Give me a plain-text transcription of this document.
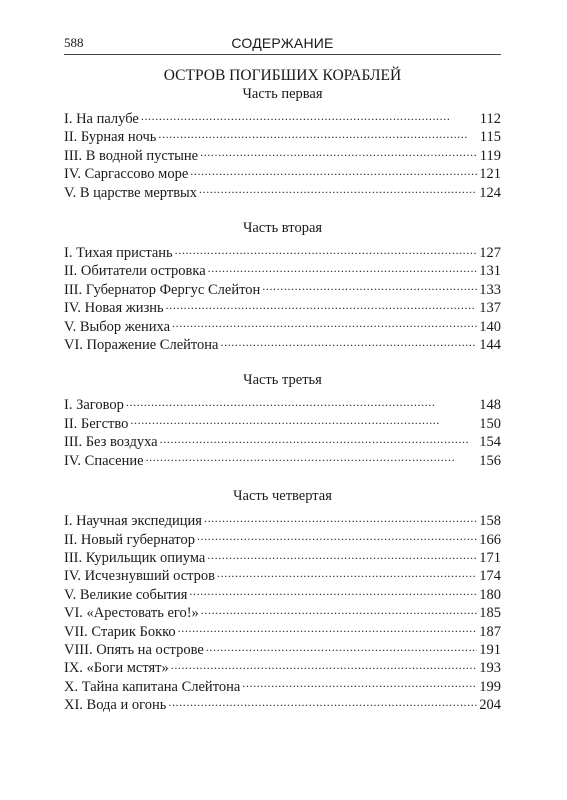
588	СОДЕРЖАНИЕ
ОСТРОВ ПОГИБШИХ КОРАБЛЕЙ
Часть первая
I. На палубе . . .	112
II. Бурная ночь . . .	115
III. В водной пустыне . . .	119
IV. Саргассово море . . .	121
V. В царстве мертвых . . .	124
Часть вторая
I. Тихая пристань . . .	127
II. Обитатели островка . . .	131
III. Губернатор Фергус Слейтон . . .	133
IV. Новая жизнь . . .	137
V. Выбор жениха . . .	140
VI. Поражение Слейтона . . .	144
Часть третья
I. Заговор . . .	148
II. Бегство . . .	150
III. Без воздуха . . .	154
IV. Спасение . . .	156
Часть четвертая
I. Научная экспедиция . . .	158
II. Новый губернатор . . .	166
III. Курильщик опиума . . .	171
IV. Исчезнувший остров . . .	174
V. Великие события . . .	180
VI. «Арестовать его!» . . .	185
VII. Старик Бокко . . .	187
VIII. Опять на острове . . .	191
IX. «Боги мстят» . . .	193
X. Тайна капитана Слейтона . . .	199
XI. Вода и огонь . . .	204
